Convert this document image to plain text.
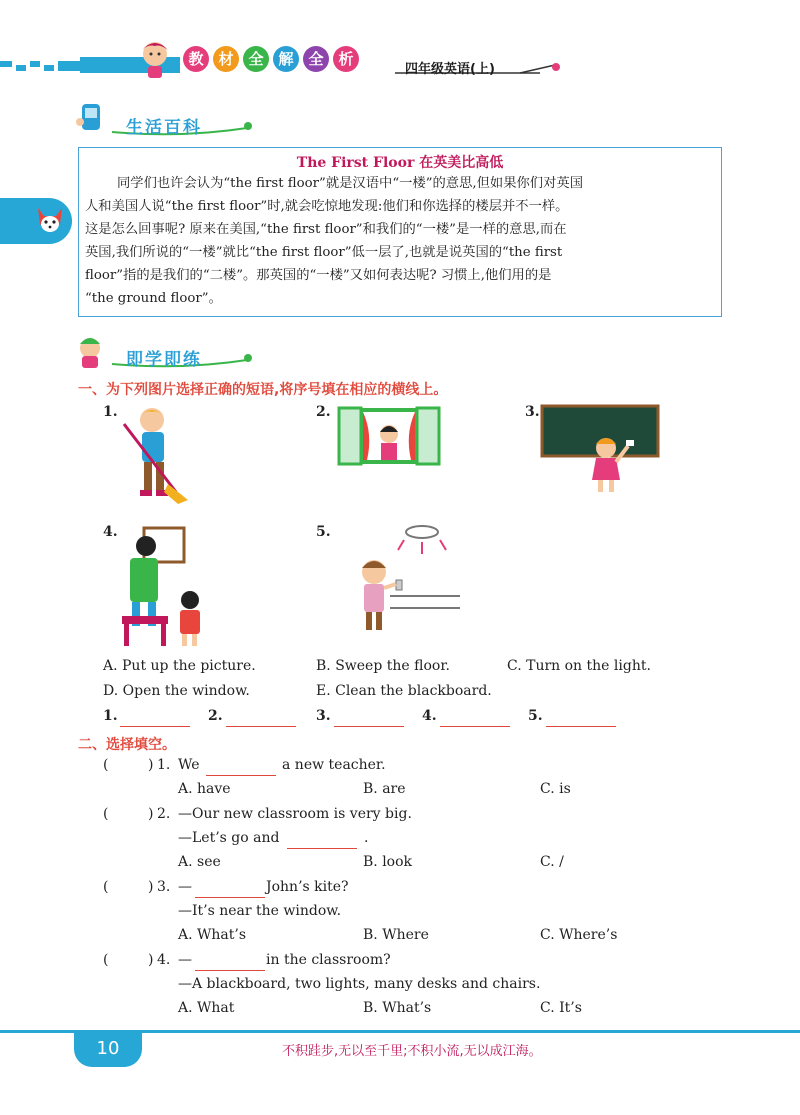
教 材 全 解 全 析
四年级英语(上)
生活百科
The First Floor 在英美比高低
同学们也许会认为“the first floor”就是汉语中“一楼”的意思,但如果你们对英国
人和美国人说“the first floor”时,就会吃惊地发现:他们和你选择的楼层并不一样。
这是怎么回事呢? 原来在美国,“the first floor”和我们的“一楼”是一样的意思,而在
英国,我们所说的“一楼”就比“the first floor”低一层了,也就是说英国的“the first
floor”指的是我们的“二楼”。那英国的“一楼”又如何表达呢? 习惯上,他们用的是
“the ground floor”。
即学即练
一、为下列图片选择正确的短语,将序号填在相应的横线上。
1.	2.	3.
4.	5.
A. Put up the picture.	B. Sweep the floor.	C. Turn on the light.
D. Open the window.	E. Clean the blackboard.
1.	2.	3.	4.	5.
二、选择填空。
(	) 1. We	a new teacher.
A. have	B. are	C. is
(	) 2. —Our new classroom is very big.
—Let’s go and	.
A. see	B. look	C. /
(	) 3. —	John’s kite?
—It’s near the window.
A. What’s	B. Where	C. Where’s
(	) 4. —	in the classroom?
—A blackboard, two lights, many desks and chairs.
A. What	B. What’s	C. It’s
10	不积跬步,无以至千里;不积小流,无以成江海。
